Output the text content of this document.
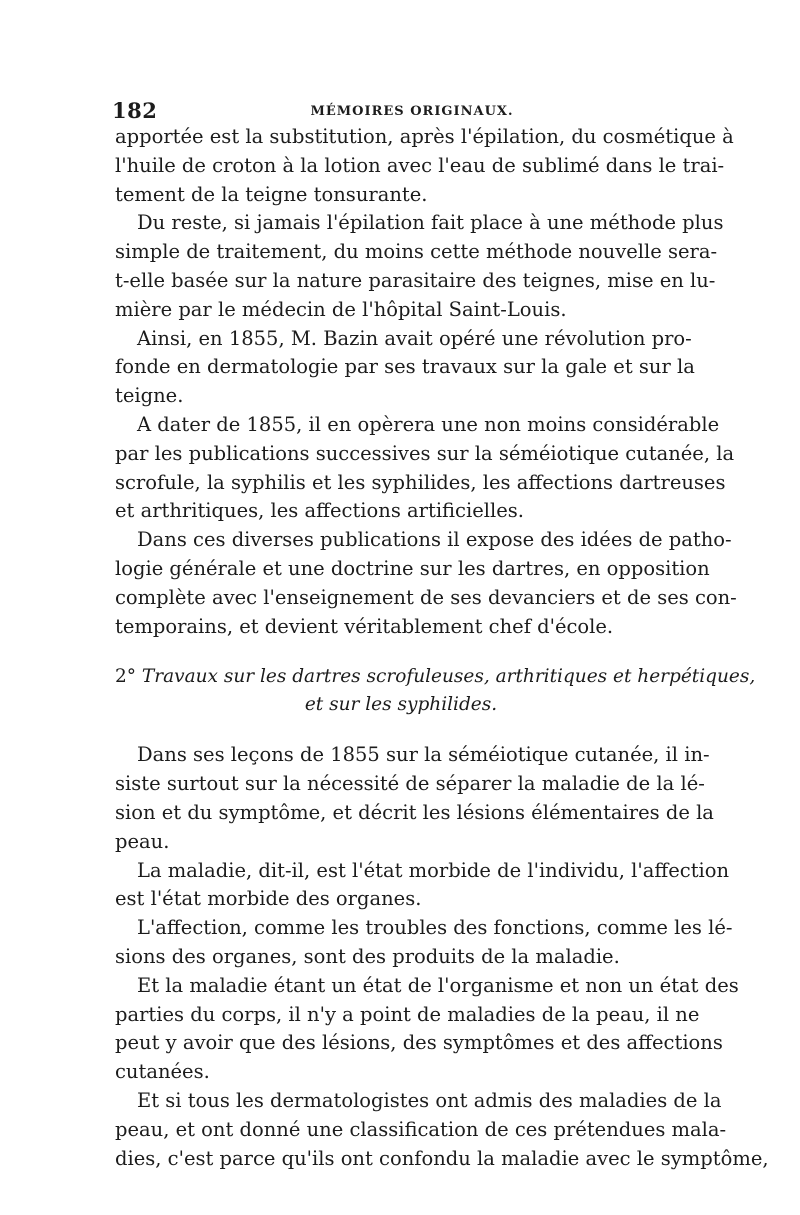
182	MÉMOIRES ORIGINAUX.
apportée est la substitution, après l'épilation, du cosmétique à
l'huile de croton à la lotion avec l'eau de sublimé dans le trai-
tement de la teigne tonsurante.
Du reste, si jamais l'épilation fait place à une méthode plus
simple de traitement, du moins cette méthode nouvelle sera-
t-elle basée sur la nature parasitaire des teignes, mise en lu-
mière par le médecin de l'hôpital Saint-Louis.
Ainsi, en 1855, M. Bazin avait opéré une révolution pro-
fonde en dermatologie par ses travaux sur la gale et sur la
teigne.
A dater de 1855, il en opèrera une non moins considérable
par les publications successives sur la séméiotique cutanée, la
scrofule, la syphilis et les syphilides, les affections dartreuses
et arthritiques, les affections artificielles.
Dans ces diverses publications il expose des idées de patho-
logie générale et une doctrine sur les dartres, en opposition
complète avec l'enseignement de ses devanciers et de ses con-
temporains, et devient véritablement chef d'école.
2° Travaux sur les dartres scrofuleuses, arthritiques et herpétiques,
et sur les syphilides.
Dans ses leçons de 1855 sur la séméiotique cutanée, il in-
siste surtout sur la nécessité de séparer la maladie de la lé-
sion et du symptôme, et décrit les lésions élémentaires de la
peau.
La maladie, dit-il, est l'état morbide de l'individu, l'affection
est l'état morbide des organes.
L'affection, comme les troubles des fonctions, comme les lé-
sions des organes, sont des produits de la maladie.
Et la maladie étant un état de l'organisme et non un état des
parties du corps, il n'y a point de maladies de la peau, il ne
peut y avoir que des lésions, des symptômes et des affections
cutanées.
Et si tous les dermatologistes ont admis des maladies de la
peau, et ont donné une classification de ces prétendues mala-
dies, c'est parce qu'ils ont confondu la maladie avec le symptôme,
